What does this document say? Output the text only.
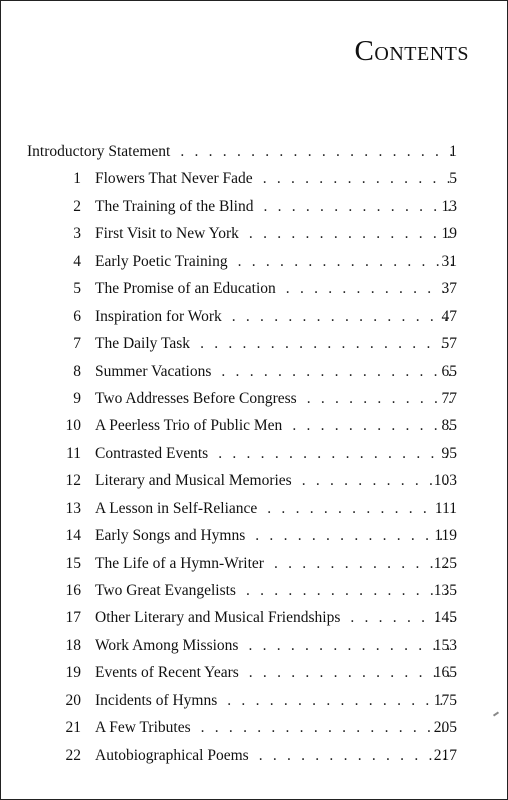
Contents
Introductory Statement . . .	1
1 Flowers That Never Fade . . .	5
2 The Training of the Blind . . .	13
3 First Visit to New York . . .	19
4 Early Poetic Training . . .	31
5 The Promise of an Education . . .	37
6 Inspiration for Work . . .	47
7 The Daily Task . . .	57
8 Summer Vacations . . .	65
9 Two Addresses Before Congress . . .	77
10 A Peerless Trio of Public Men . . .	85
11 Contrasted Events . . .	95
12 Literary and Musical Memories . . .	103
13 A Lesson in Self-Reliance . . .	111
14 Early Songs and Hymns . . .	119
15 The Life of a Hymn-Writer . . .	125
16 Two Great Evangelists . . .	135
17 Other Literary and Musical Friendships . . .	145
18 Work Among Missions . . .	153
19 Events of Recent Years . . .	165
20 Incidents of Hymns . . .	175
21 A Few Tributes . . .	205
22 Autobiographical Poems . . .	217
